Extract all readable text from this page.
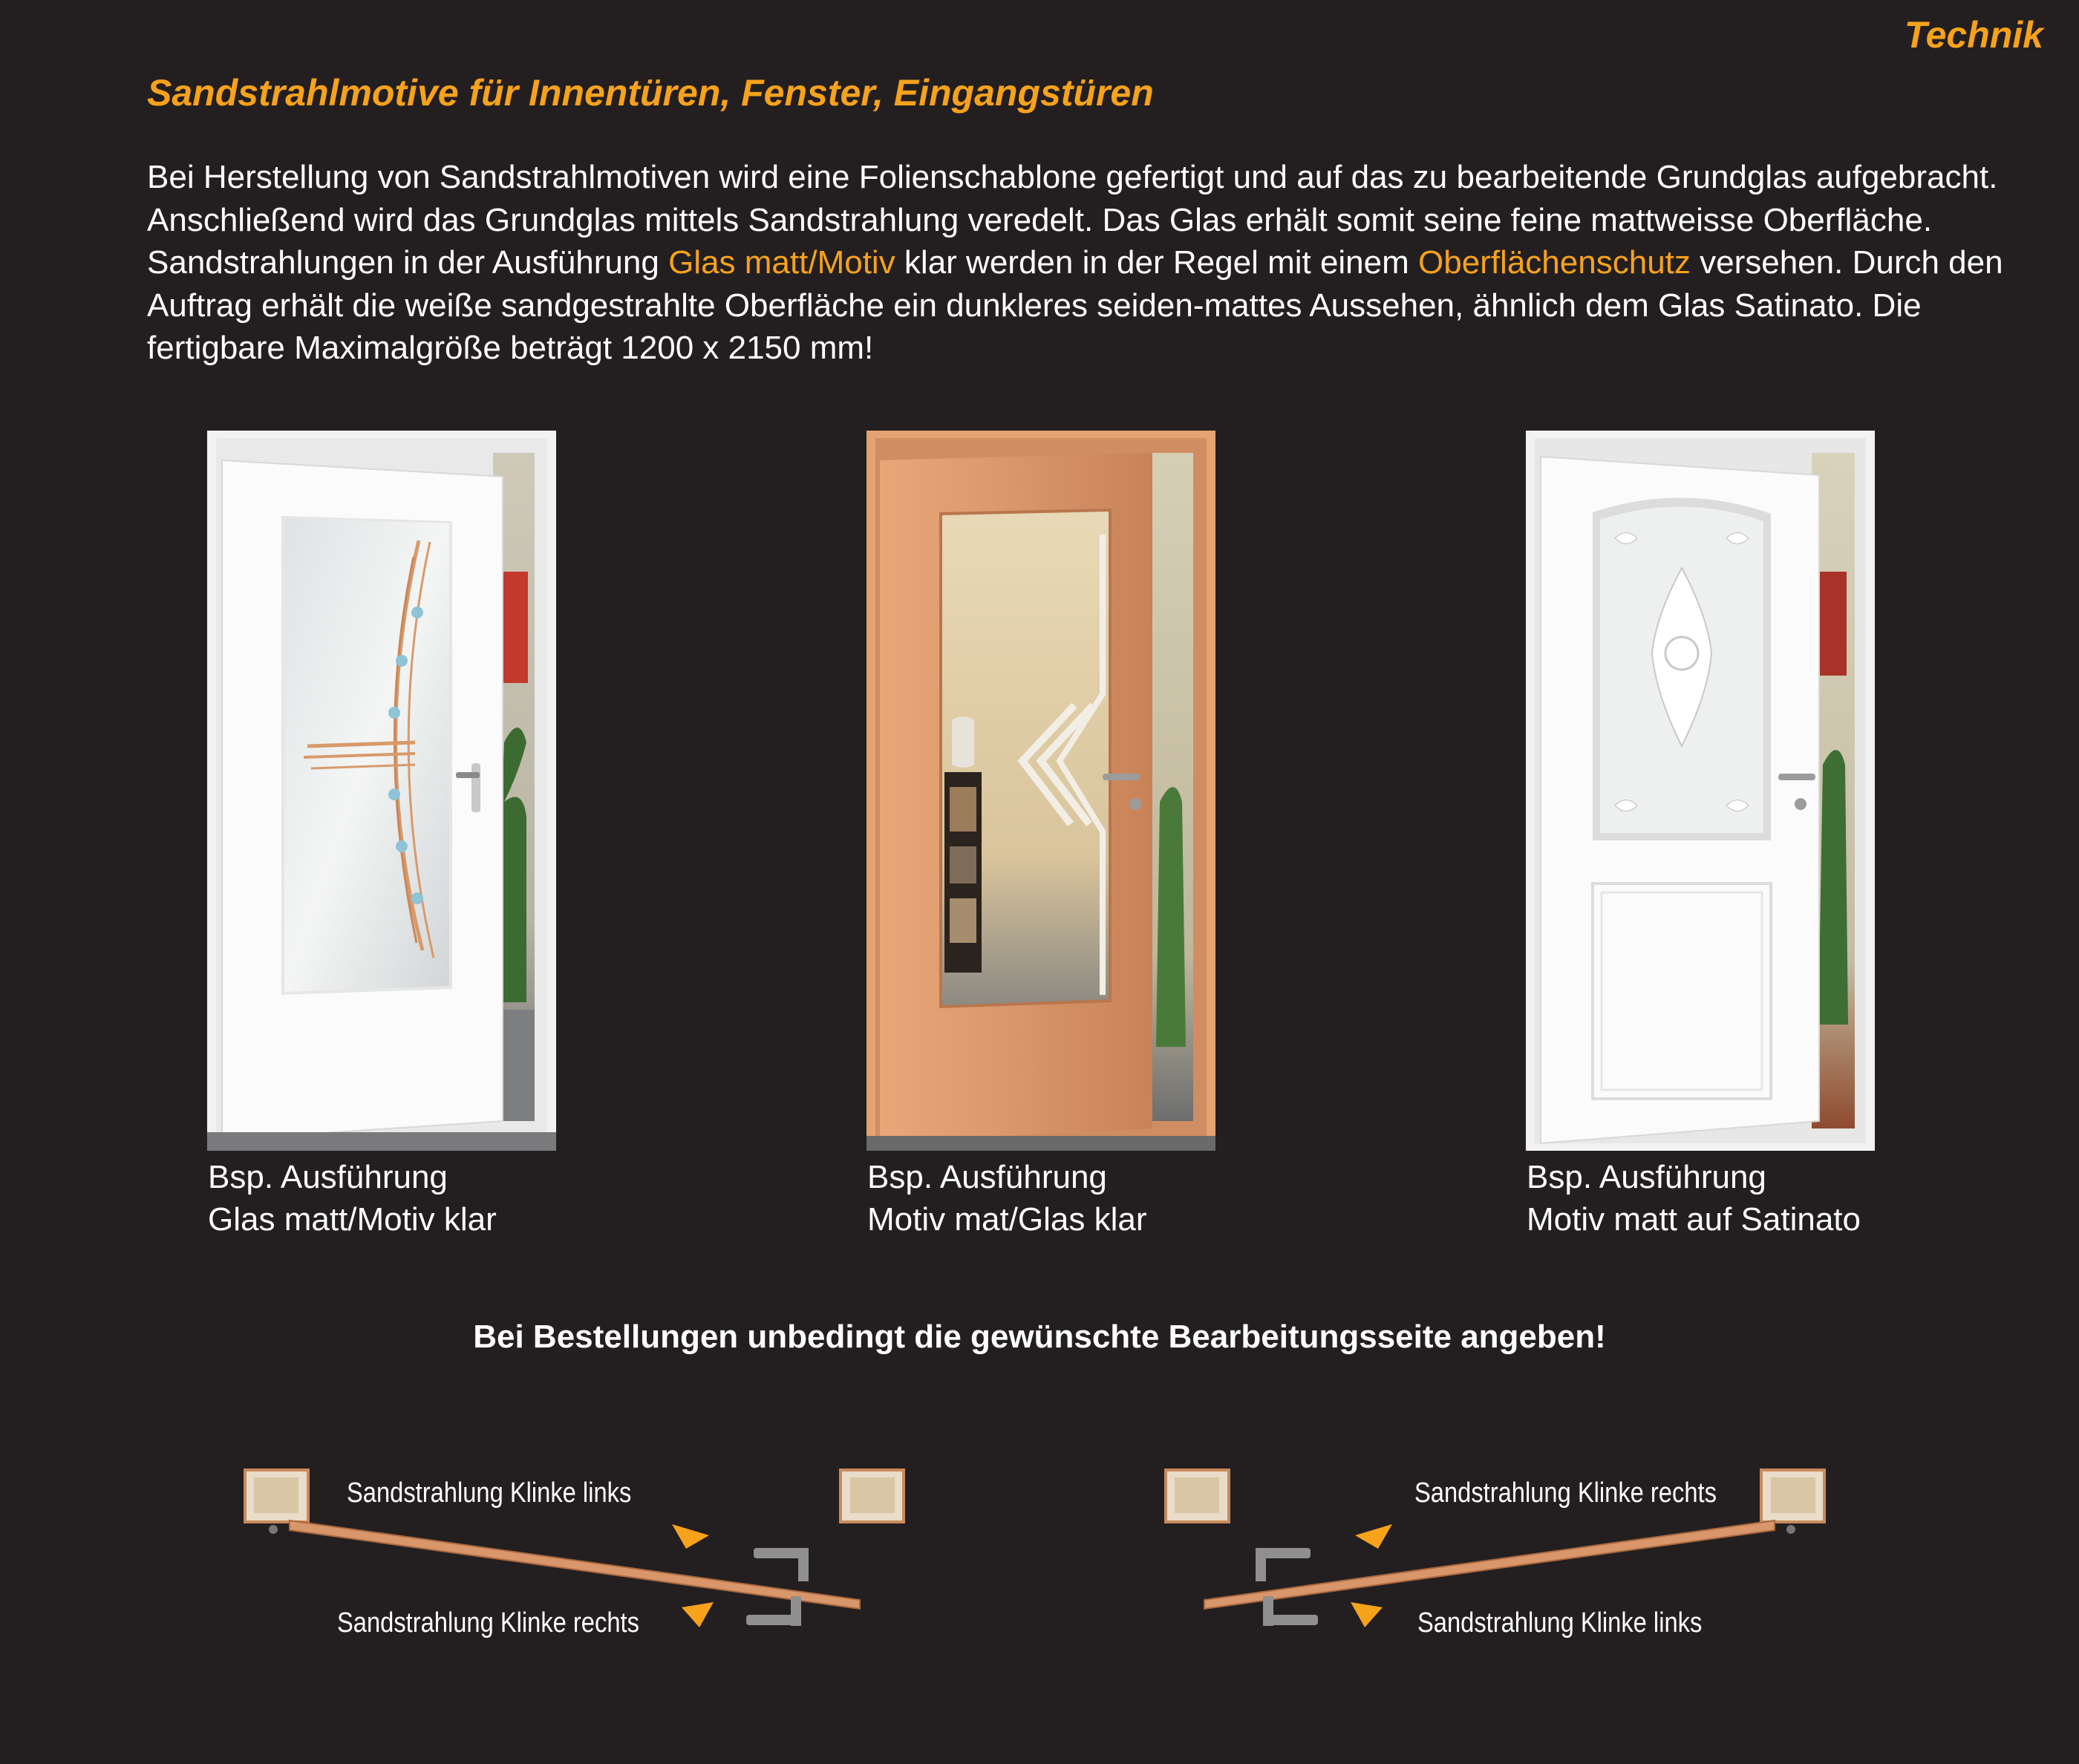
Technik
Sandstrahlmotive für Innentüren, Fenster, Eingangstüren
Bei Herstellung von Sandstrahlmotiven wird eine Folienschablone gefertigt und auf das zu bearbeitende Grundglas aufgebracht. Anschließend wird das Grundglas mittels Sandstrahlung veredelt. Das Glas erhält somit seine feine mattweisse Oberfläche. Sandstrahlungen in der Ausführung Glas matt/Motiv klar werden in der Regel mit einem Oberflächenschutz versehen. Durch den Auftrag erhält die weiße sandgestrahlte Oberfläche ein dunkleres seiden-mattes Aussehen, ähnlich dem Glas Satinato. Die fertigbare Maximalgröße beträgt 1200 x 2150 mm!
Bsp. Ausführung
Glas matt/Motiv klar
Bsp. Ausführung
Motiv mat/Glas klar
Bsp. Ausführung
Motiv matt auf Satinato
Bei Bestellungen unbedingt die gewünschte Bearbeitungsseite angeben!
Sandstrahlung Klinke links
Sandstrahlung Klinke rechts
Sandstrahlung Klinke rechts
Sandstrahlung Klinke links
